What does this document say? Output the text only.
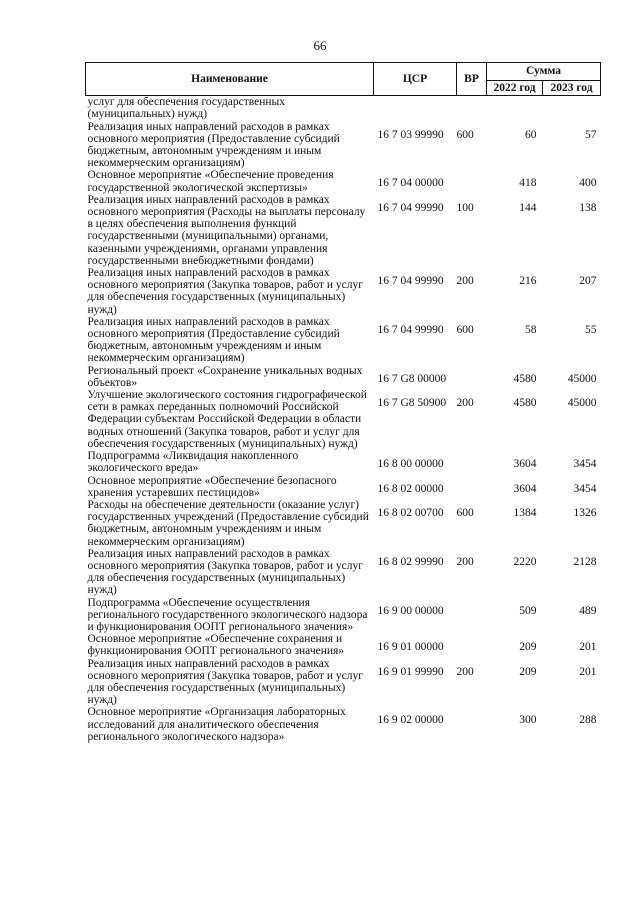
66
Наименование	ЦСР	ВР	Сумма	
			2022 год	2023 год
услуг для обеспечения государственных (муниципальных) нужд)				
Реализация иных направлений расходов в рамках основного мероприятия (Предоставление субсидий бюджетным, автономным учреждениям и иным некоммерческим организациям)	16 7 03 99990	600	60	57
Основное мероприятие «Обеспечение проведения государственной экологической экспертизы»	16 7 04 00000		418	400
Реализация иных направлений расходов в рамках основного мероприятия (Расходы на выплаты персоналу в целях обеспечения выполнения функций государственными (муниципальными) органами, казенными учреждениями, органами управления государственными внебюджетными фондами)	16 7 04 99990	100	144	138
Реализация иных направлений расходов в рамках основного мероприятия (Закупка товаров, работ и услуг для обеспечения государственных (муниципальных) нужд)	16 7 04 99990	200	216	207
Реализация иных направлений расходов в рамках основного мероприятия (Предоставление субсидий бюджетным, автономным учреждениям и иным некоммерческим организациям)	16 7 04 99990	600	58	55
Региональный проект «Сохранение уникальных водных объектов»	16 7 G8 00000		4580	45000
Улучшение экологического состояния гидрографической сети в рамках переданных полномочий Российской Федерации субъектам Российской Федерации в области водных отношений (Закупка товаров, работ и услуг для обеспечения государственных (муниципальных) нужд)	16 7 G8 50900	200	4580	45000
Подпрограмма «Ликвидация накопленного экологического вреда»	16 8 00 00000		3604	3454
Основное мероприятие «Обеспечение безопасного хранения устаревших пестицидов»	16 8 02 00000		3604	3454
Расходы на обеспечение деятельности (оказание услуг) государственных учреждений (Предоставление субсидий бюджетным, автономным учреждениям и иным некоммерческим организациям)	16 8 02 00700	600	1384	1326
Реализация иных направлений расходов в рамках основного мероприятия (Закупка товаров, работ и услуг для обеспечения государственных (муниципальных) нужд)	16 8 02 99990	200	2220	2128
Подпрограмма «Обеспечение осуществления регионального государственного экологического надзора и функционирования ООПТ регионального значения»	16 9 00 00000		509	489
Основное мероприятие «Обеспечение сохранения и функционирования ООПТ регионального значения»	16 9 01 00000		209	201
Реализация иных направлений расходов в рамках основного мероприятия (Закупка товаров, работ и услуг для обеспечения государственных (муниципальных) нужд)	16 9 01 99990	200	209	201
Основное мероприятие «Организация лабораторных исследований для аналитического обеспечения регионального экологического надзора»	16 9 02 00000		300	288
